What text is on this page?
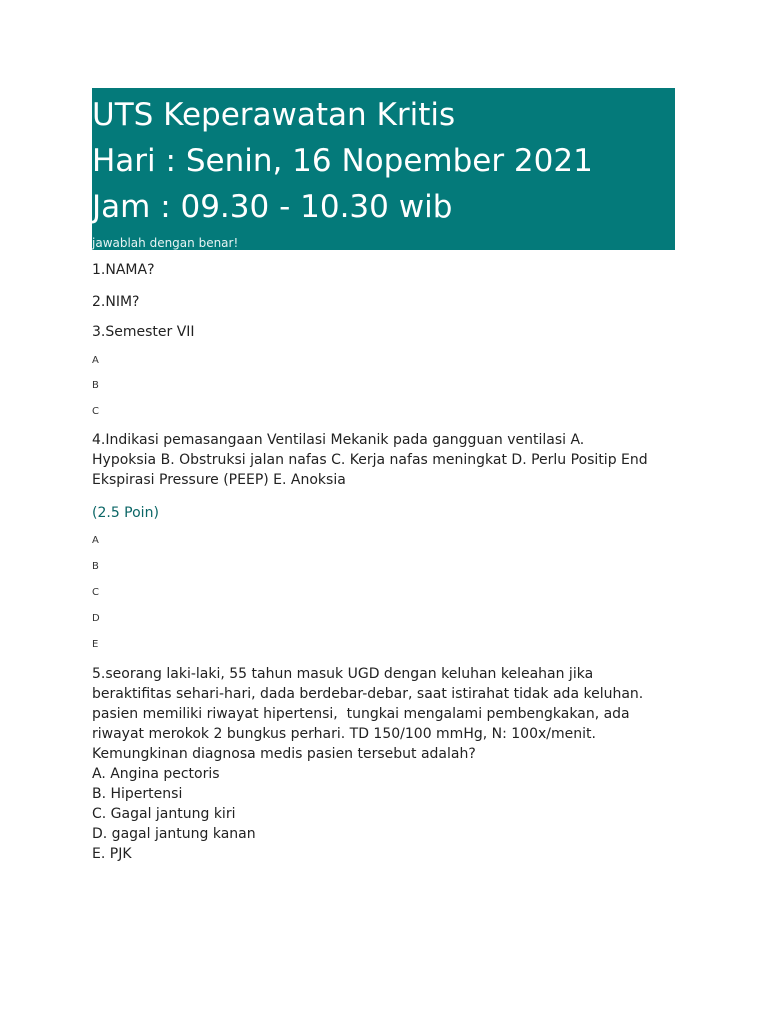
UTS Keperawatan Kritis
Hari : Senin, 16 Nopember 2021
Jam : 09.30 - 10.30 wib
jawablah dengan benar!

1.NAMA?

2.NIM?

3.Semester VII

A

B

C

4.Indikasi pemasangaan Ventilasi Mekanik pada gangguan ventilasi A. Hypoksia B. Obstruksi jalan nafas C. Kerja nafas meningkat D. Perlu Positip End Ekspirasi Pressure (PEEP) E. Anoksia

(2.5 Poin)

A

B

C

D

E

5.seorang laki-laki, 55 tahun masuk UGD dengan keluhan keleahan jika

beraktifitas sehari-hari, dada berdebar-debar, saat istirahat tidak ada keluhan.

pasien memiliki riwayat hipertensi,  tungkai mengalami pembengkakan, ada

riwayat merokok 2 bungkus perhari. TD 150/100 mmHg, N: 100x/menit.

Kemungkinan diagnosa medis pasien tersebut adalah?

A. Angina pectoris

B. Hipertensi

C. Gagal jantung kiri

D. gagal jantung kanan

E. PJK
